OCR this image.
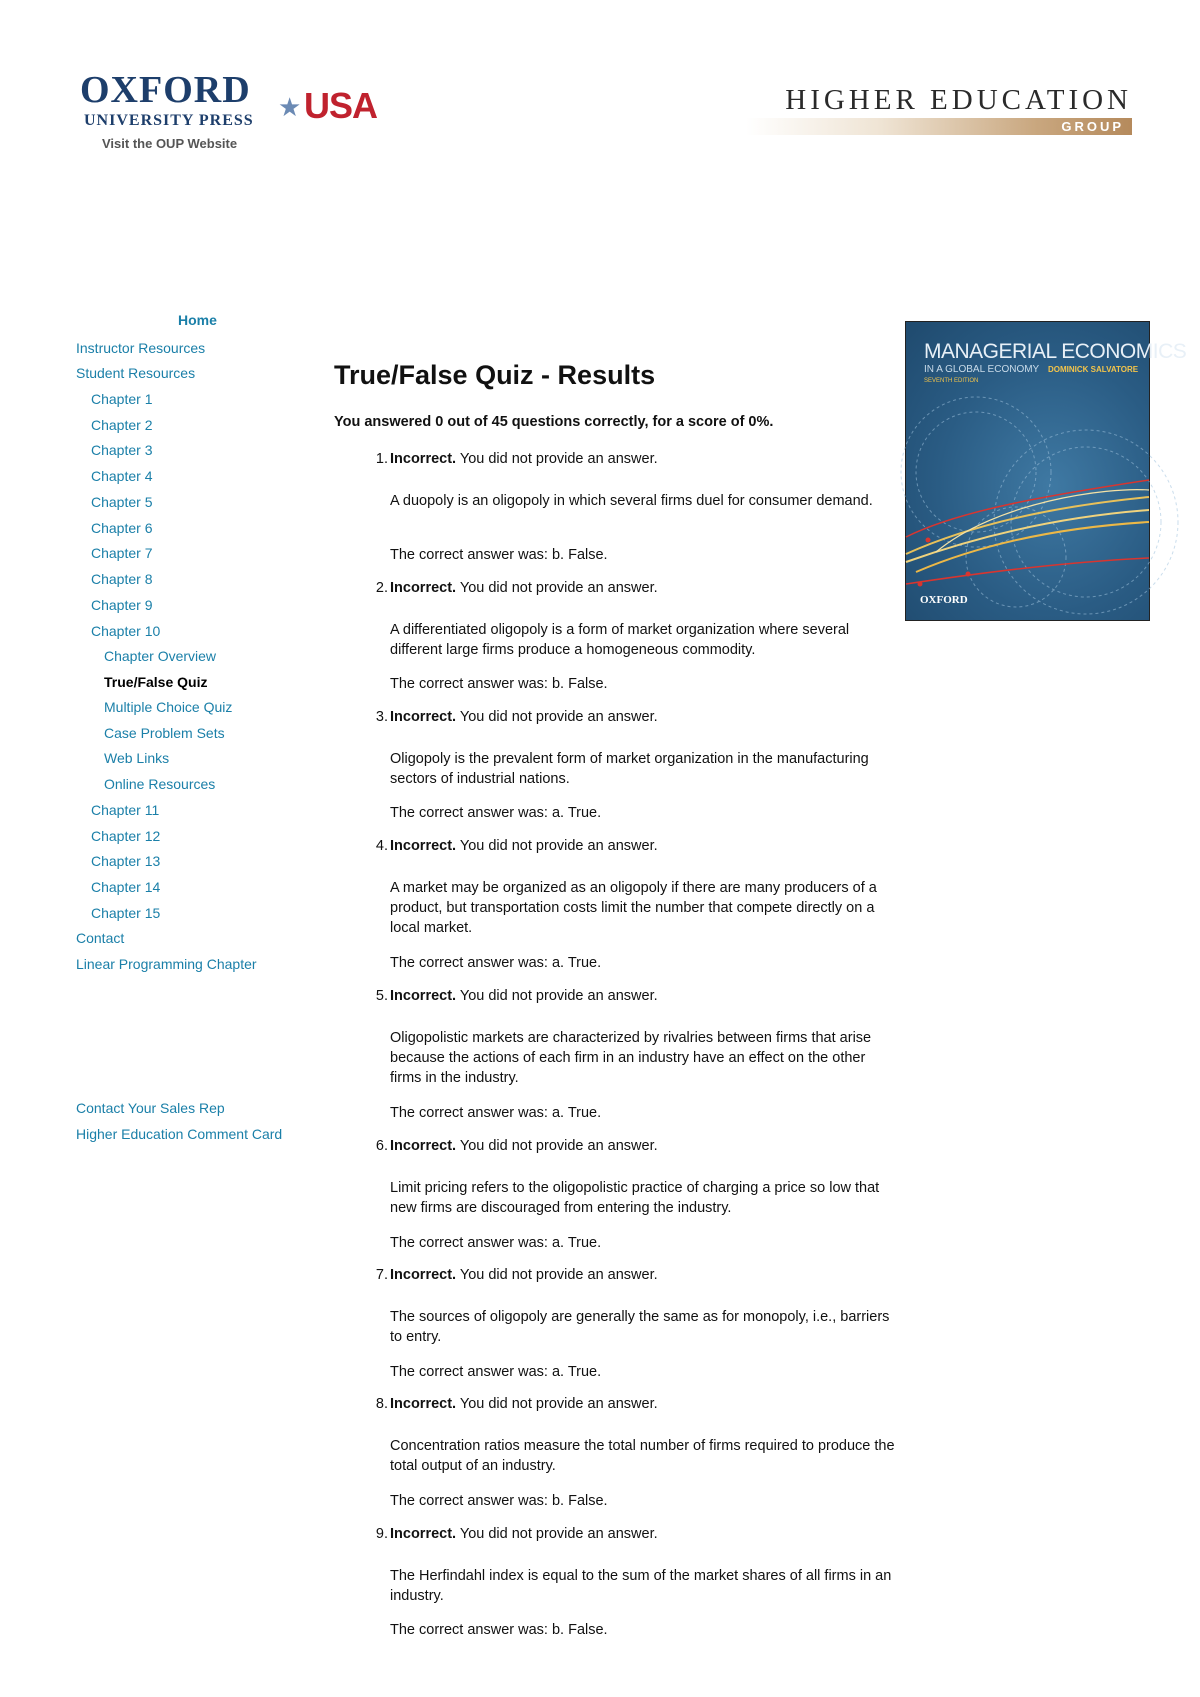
OXFORD
UNIVERSITY PRESS
Visit the OUP Website
★ USA	HIGHER EDUCATION
GROUP
Home
Instructor Resources
Student Resources
Chapter 1
Chapter 2
Chapter 3
Chapter 4
Chapter 5
Chapter 6
Chapter 7
Chapter 8
Chapter 9
Chapter 10
Chapter Overview
True/False Quiz
Multiple Choice Quiz
Case Problem Sets
Web Links
Online Resources
Chapter 11
Chapter 12
Chapter 13
Chapter 14
Chapter 15
Contact
Linear Programming Chapter
Contact Your Sales Rep
Higher Education Comment Card
True/False Quiz - Results
You answered 0 out of 45 questions correctly, for a score of 0%.
1. Incorrect. You did not provide an answer.
A duopoly is an oligopoly in which several firms duel for consumer demand.
The correct answer was: b. False.
2. Incorrect. You did not provide an answer.
A differentiated oligopoly is a form of market organization where several different large firms produce a homogeneous commodity.
The correct answer was: b. False.
3. Incorrect. You did not provide an answer.
Oligopoly is the prevalent form of market organization in the manufacturing sectors of industrial nations.
The correct answer was: a. True.
4. Incorrect. You did not provide an answer.
A market may be organized as an oligopoly if there are many producers of a product, but transportation costs limit the number that compete directly on a local market.
The correct answer was: a. True.
5. Incorrect. You did not provide an answer.
Oligopolistic markets are characterized by rivalries between firms that arise because the actions of each firm in an industry have an effect on the other firms in the industry.
The correct answer was: a. True.
6. Incorrect. You did not provide an answer.
Limit pricing refers to the oligopolistic practice of charging a price so low that new firms are discouraged from entering the industry.
The correct answer was: a. True.
7. Incorrect. You did not provide an answer.
The sources of oligopoly are generally the same as for monopoly, i.e., barriers to entry.
The correct answer was: a. True.
8. Incorrect. You did not provide an answer.
Concentration ratios measure the total number of firms required to produce the total output of an industry.
The correct answer was: b. False.
9. Incorrect. You did not provide an answer.
The Herfindahl index is equal to the sum of the market shares of all firms in an industry.
The correct answer was: b. False.
MANAGERIAL ECONOMICS
IN A GLOBAL ECONOMY DOMINICK SALVATORE
SEVENTH EDITION
OXFORD
